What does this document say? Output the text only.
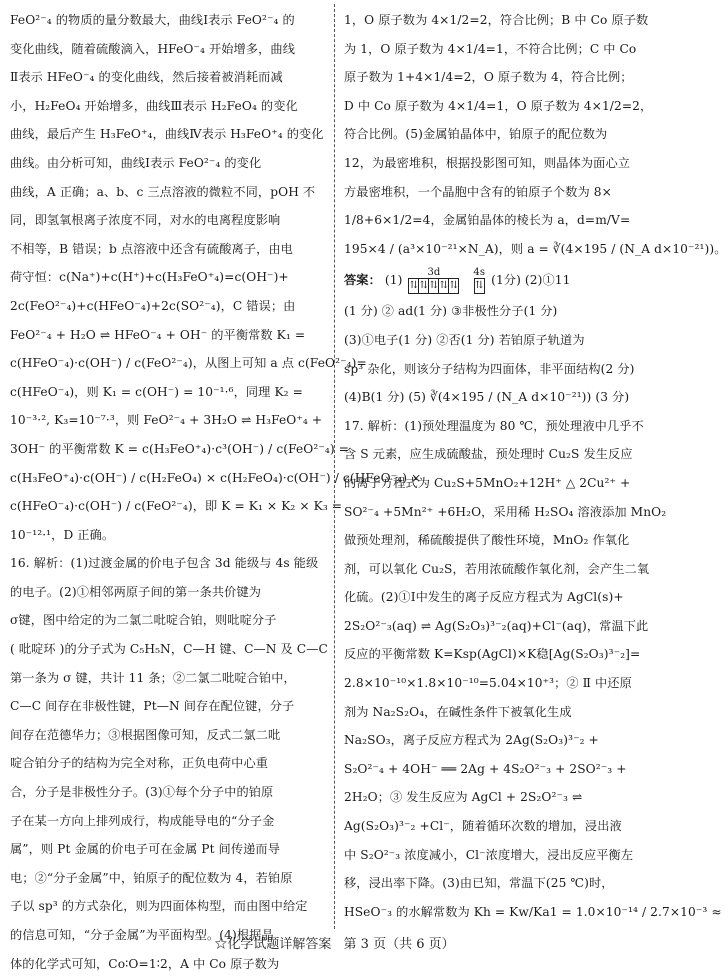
FeO²⁻₄ 的物质的量分数最大，曲线Ⅰ表示 FeO²⁻₄ 的
变化曲线，随着硫酸滴入，HFeO⁻₄ 开始增多，曲线
Ⅱ表示 HFeO⁻₄ 的变化曲线，然后接着被消耗而减
小，H₂FeO₄ 开始增多，曲线Ⅲ表示 H₂FeO₄ 的变化
曲线，最后产生 H₃FeO⁺₄，曲线Ⅳ表示 H₃FeO⁺₄ 的变化
曲线。由分析可知，曲线Ⅰ表示 FeO²⁻₄ 的变化
曲线，A 正确；a、b、c 三点溶液的微粒不同，pOH 不
同，即氢氧根离子浓度不同，对水的电离程度影响
不相等，B 错误；b 点溶液中还含有硫酸离子，由电
荷守恒：c(Na⁺)+c(H⁺)+c(H₃FeO⁺₄)=c(OH⁻)+
2c(FeO²⁻₄)+c(HFeO⁻₄)+2c(SO²⁻₄)，C 错误；由
FeO²⁻₄ + H₂O ⇌ HFeO⁻₄ + OH⁻ 的平衡常数 K₁ =
c(HFeO⁻₄)·c(OH⁻) / c(FeO²⁻₄)，从图上可知 a 点 c(FeO²⁻₄)=
c(HFeO⁻₄)，则 K₁ = c(OH⁻) = 10⁻¹·⁶，同理 K₂ =
10⁻³·², K₃=10⁻⁷·³，则 FeO²⁻₄ + 3H₂O ⇌ H₃FeO⁺₄ +
3OH⁻ 的平衡常数 K = c(H₃FeO⁺₄)·c³(OH⁻) / c(FeO²⁻₄) =
c(H₃FeO⁺₄)·c(OH⁻) / c(H₂FeO₄) × c(H₂FeO₄)·c(OH⁻) / c(HFeO⁻₄) ×
c(HFeO⁻₄)·c(OH⁻) / c(FeO²⁻₄)，即 K = K₁ × K₂ × K₃ =
10⁻¹²·¹，D 正确。
16. 解析：(1)过渡金属的价电子包含 3d 能级与 4s 能级
的电子。(2)①相邻两原子间的第一条共价键为
σ键，图中给定的为二氯二吡啶合铂，则吡啶分子
( 吡啶环 )的分子式为 C₅H₅N，C—H 键、C—N 及 C—C
第一条为 σ 键，共计 11 条；②二氯二吡啶合铂中，
C—C 间存在非极性键，Pt—N 间存在配位键，分子
间存在范德华力；③根据图像可知，反式二氯二吡
啶合铂分子的结构为完全对称，正负电荷中心重
合，分子是非极性分子。(3)①每个分子中的铂原
子在某一方向上排列成行，构成能导电的“分子金
属”，则 Pt 金属的价电子可在金属 Pt 间传递而导
电；②“分子金属”中，铂原子的配位数为 4，若铂原
子以 sp³ 的方式杂化，则为四面体构型，而由图中给定
的信息可知，“分子金属”为平面构型。(4)根据晶
体的化学式可知，Co∶O=1∶2，A 中 Co 原子数为
1，O 原子数为 4×1/2=2，符合比例；B 中 Co 原子数
为 1，O 原子数为 4×1/4=1，不符合比例；C 中 Co
原子数为 1+4×1/4=2，O 原子数为 4，符合比例；
D 中 Co 原子数为 4×1/4=1，O 原子数为 4×1/2=2，
符合比例。(5)金属铂晶体中，铂原子的配位数为
12，为最密堆积，根据投影图可知，则晶体为面心立
方最密堆积，一个晶胞中含有的铂原子个数为 8×
1/8+6×1/2=4，金属铂晶体的棱长为 a，d=m/V=
195×4 / (a³×10⁻²¹×N_A)，则 a = ∛(4×195 / (N_A d×10⁻²¹))。
答案： (1)
3d
⇅ ⇅ ⇅ ⇅ ⇅

4s
⇅ (1分) (2)①11
(1 分) ② ad(1 分) ③非极性分子(1 分)
(3)①电子(1 分) ②否(1 分) 若铂原子轨道为
sp³ 杂化，则该分子结构为四面体，非平面结构(2 分)
(4)B(1 分) (5) ∛(4×195 / (N_A d×10⁻²¹)) (3 分)
17. 解析：(1)预处理温度为 80 ℃，预处理液中几乎不
含 S 元素，应生成硫酸盐，预处理时 Cu₂S 发生反应
的离子方程式为 Cu₂S+5MnO₂+12H⁺ △ 2Cu²⁺ +
SO²⁻₄ +5Mn²⁺ +6H₂O，采用稀 H₂SO₄ 溶液添加 MnO₂
做预处理剂，稀硫酸提供了酸性环境，MnO₂ 作氧化
剂，可以氧化 Cu₂S，若用浓硫酸作氧化剂，会产生二氧
化硫。(2)①Ⅰ中发生的离子反应方程式为 AgCl(s)+
2S₂O²⁻₃(aq) ⇌ Ag(S₂O₃)³⁻₂(aq)+Cl⁻(aq)，常温下此
反应的平衡常数 K=Ksp(AgCl)×K稳[Ag(S₂O₃)³⁻₂]=
2.8×10⁻¹⁰×1.8×10⁻¹⁰=5.04×10⁺³；② Ⅱ 中还原
剂为 Na₂S₂O₄，在碱性条件下被氧化生成
Na₂SO₃，离子反应方程式为 2Ag(S₂O₃)³⁻₂ +
S₂O²⁻₄ + 4OH⁻ ══ 2Ag + 4S₂O²⁻₃ + 2SO²⁻₃ +
2H₂O；③ 发生反应为 AgCl + 2S₂O²⁻₃ ⇌
Ag(S₂O₃)³⁻₂ +Cl⁻，随着循环次数的增加，浸出液
中 S₂O²⁻₃ 浓度减小，Cl⁻浓度增大，浸出反应平衡左
移，浸出率下降。(3)由已知，常温下(25 ℃)时，
HSeO⁻₃ 的水解常数为 Kh = Kw/Ka1 = 1.0×10⁻¹⁴ / 2.7×10⁻³ ≈
☆化学试题详解答案 第 3 页（共 6 页）
